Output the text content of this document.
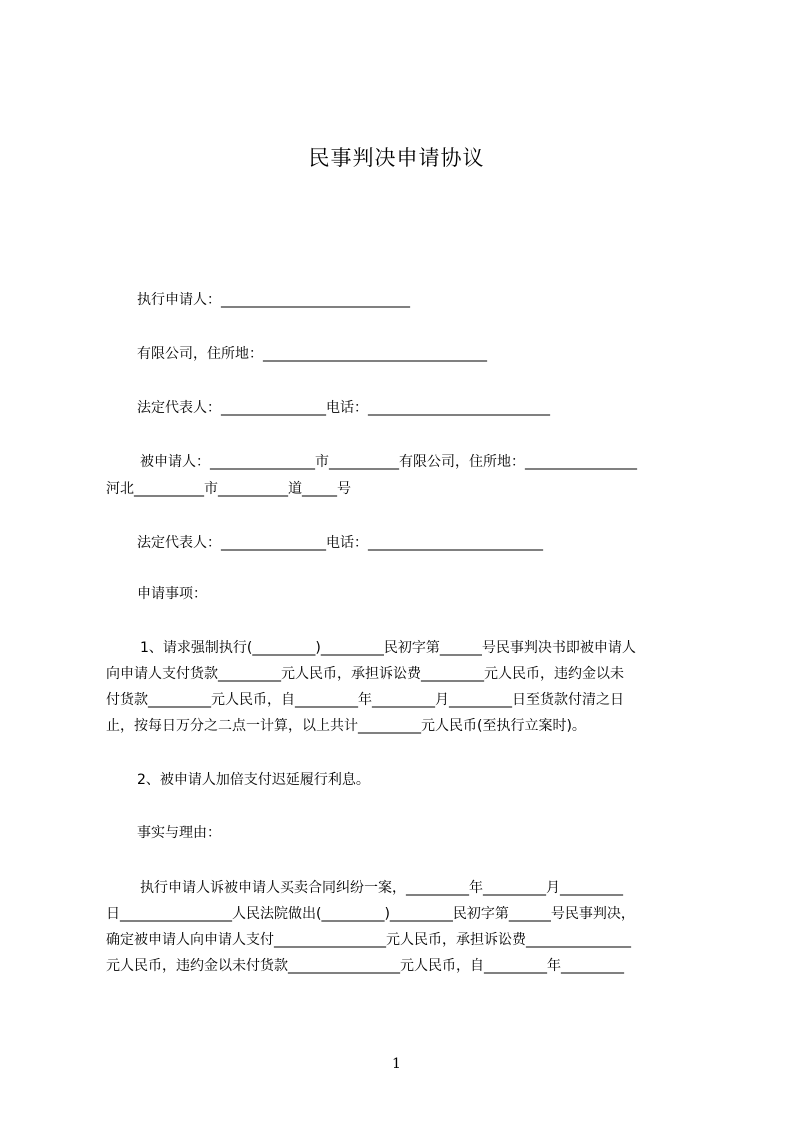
民事判决申请协议
执行申请人：___________________________
有限公司，住所地：________________________________
法定代表人：_______________电话：__________________________
被申请人：_______________市__________有限公司，住所地：________________
河北__________市__________道_____号
法定代表人：_______________电话：_________________________
申请事项：
1、请求强制执行(_________)_________民初字第______号民事判决书即被申请人
向申请人支付货款_________元人民币，承担诉讼费_________元人民币，违约金以未
付货款_________元人民币，自_________年_________月_________日至货款付清之日
止，按每日万分之二点一计算，以上共计_________元人民币(至执行立案时)。
2、被申请人加倍支付迟延履行利息。
事实与理由：
执行申请人诉被申请人买卖合同纠纷一案，_________年_________月_________
日________________人民法院做出(_________)_________民初字第______号民事判决，
确定被申请人向申请人支付________________元人民币，承担诉讼费_______________
元人民币，违约金以未付货款________________元人民币，自_________年_________
1
